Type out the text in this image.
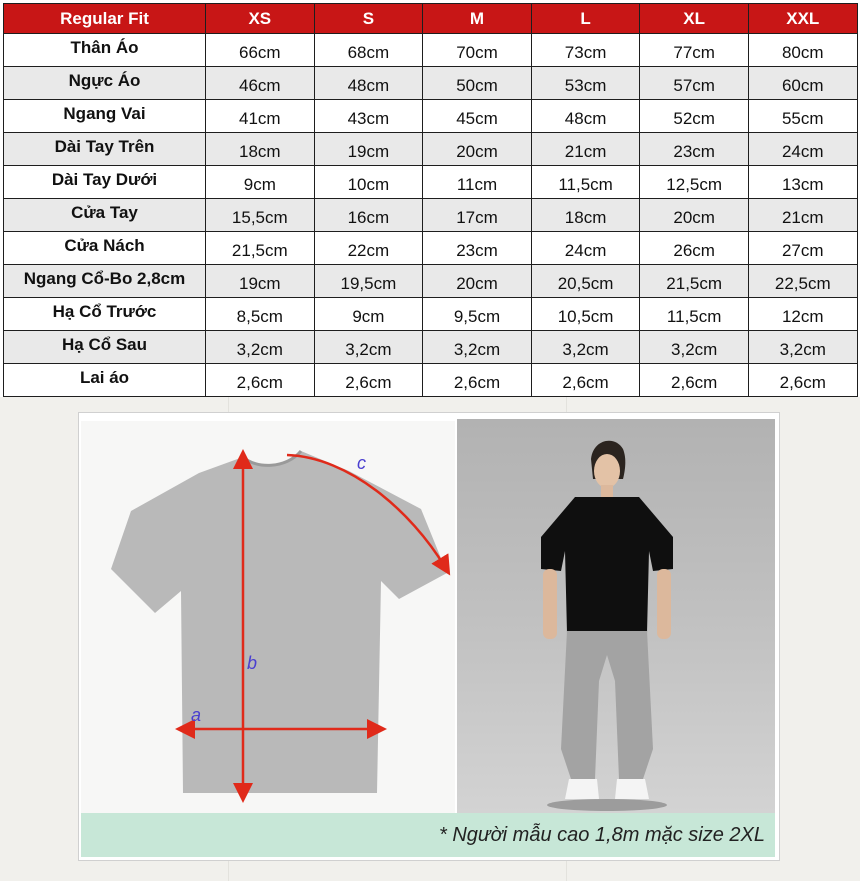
Regular Fit	XS	S	M	L	XL	XXL
Thân Áo	66cm	68cm	70cm	73cm	77cm	80cm
Ngực Áo	46cm	48cm	50cm	53cm	57cm	60cm
Ngang Vai	41cm	43cm	45cm	48cm	52cm	55cm
Dài Tay Trên	18cm	19cm	20cm	21cm	23cm	24cm
Dài Tay Dưới	9cm	10cm	11cm	11,5cm	12,5cm	13cm
Cửa Tay	15,5cm	16cm	17cm	18cm	20cm	21cm
Cửa Nách	21,5cm	22cm	23cm	24cm	26cm	27cm
Ngang Cổ-Bo 2,8cm	19cm	19,5cm	20cm	20,5cm	21,5cm	22,5cm
Hạ Cổ Trước	8,5cm	9cm	9,5cm	10,5cm	11,5cm	12cm
Hạ Cổ Sau	3,2cm	3,2cm	3,2cm	3,2cm	3,2cm	3,2cm
Lai áo	2,6cm	2,6cm	2,6cm	2,6cm	2,6cm	2,6cm
a
b
c
* Người mẫu cao 1,8m mặc size 2XL
